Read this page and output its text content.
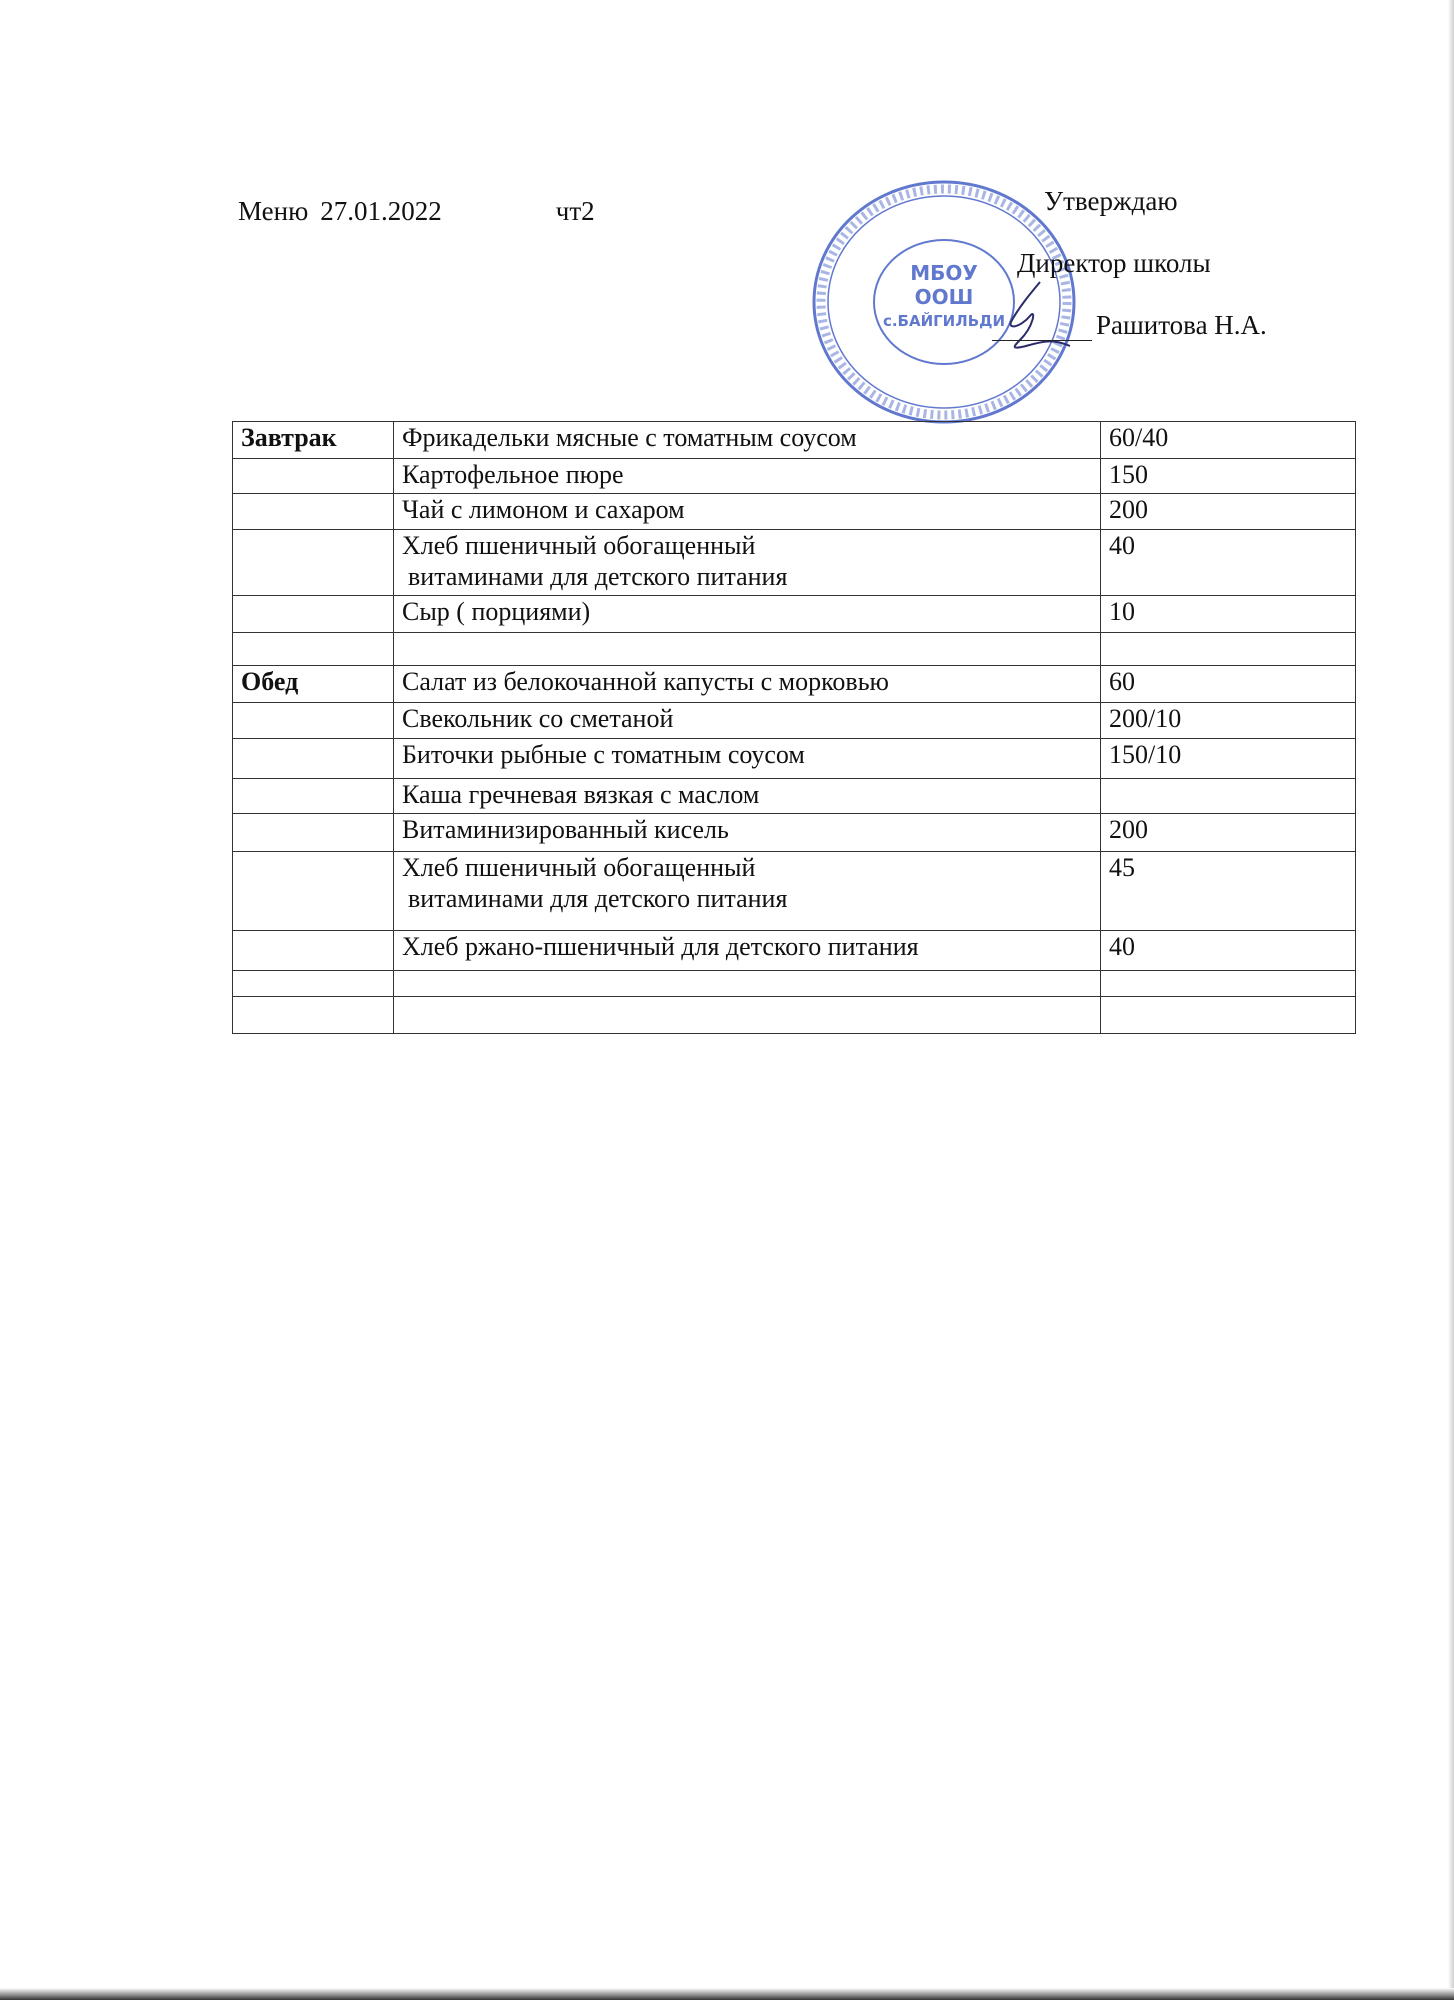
Меню 27.01.2022	чт2
МБОУ
ООШ
с.БАЙГИЛЬДИ
Утверждаю
Директор школы
Рашитова Н.А.
Завтрак	Фрикадельки мясные с томатным соусом	60/40
	Картофельное пюре	150
	Чай с лимоном и сахаром	200
	Хлеб пшеничный обогащенный
витаминами для детского питания	40
	Сыр ( порциями)	10

Обед	Салат из белокочанной капусты с морковью	60
	Свекольник со сметаной	200/10
	Биточки рыбные с томатным соусом	150/10
	Каша гречневая вязкая с маслом	
	Витаминизированный кисель	200
	Хлеб пшеничный обогащенный
витаминами для детского питания	45
	Хлеб ржано-пшеничный для детского питания	40
